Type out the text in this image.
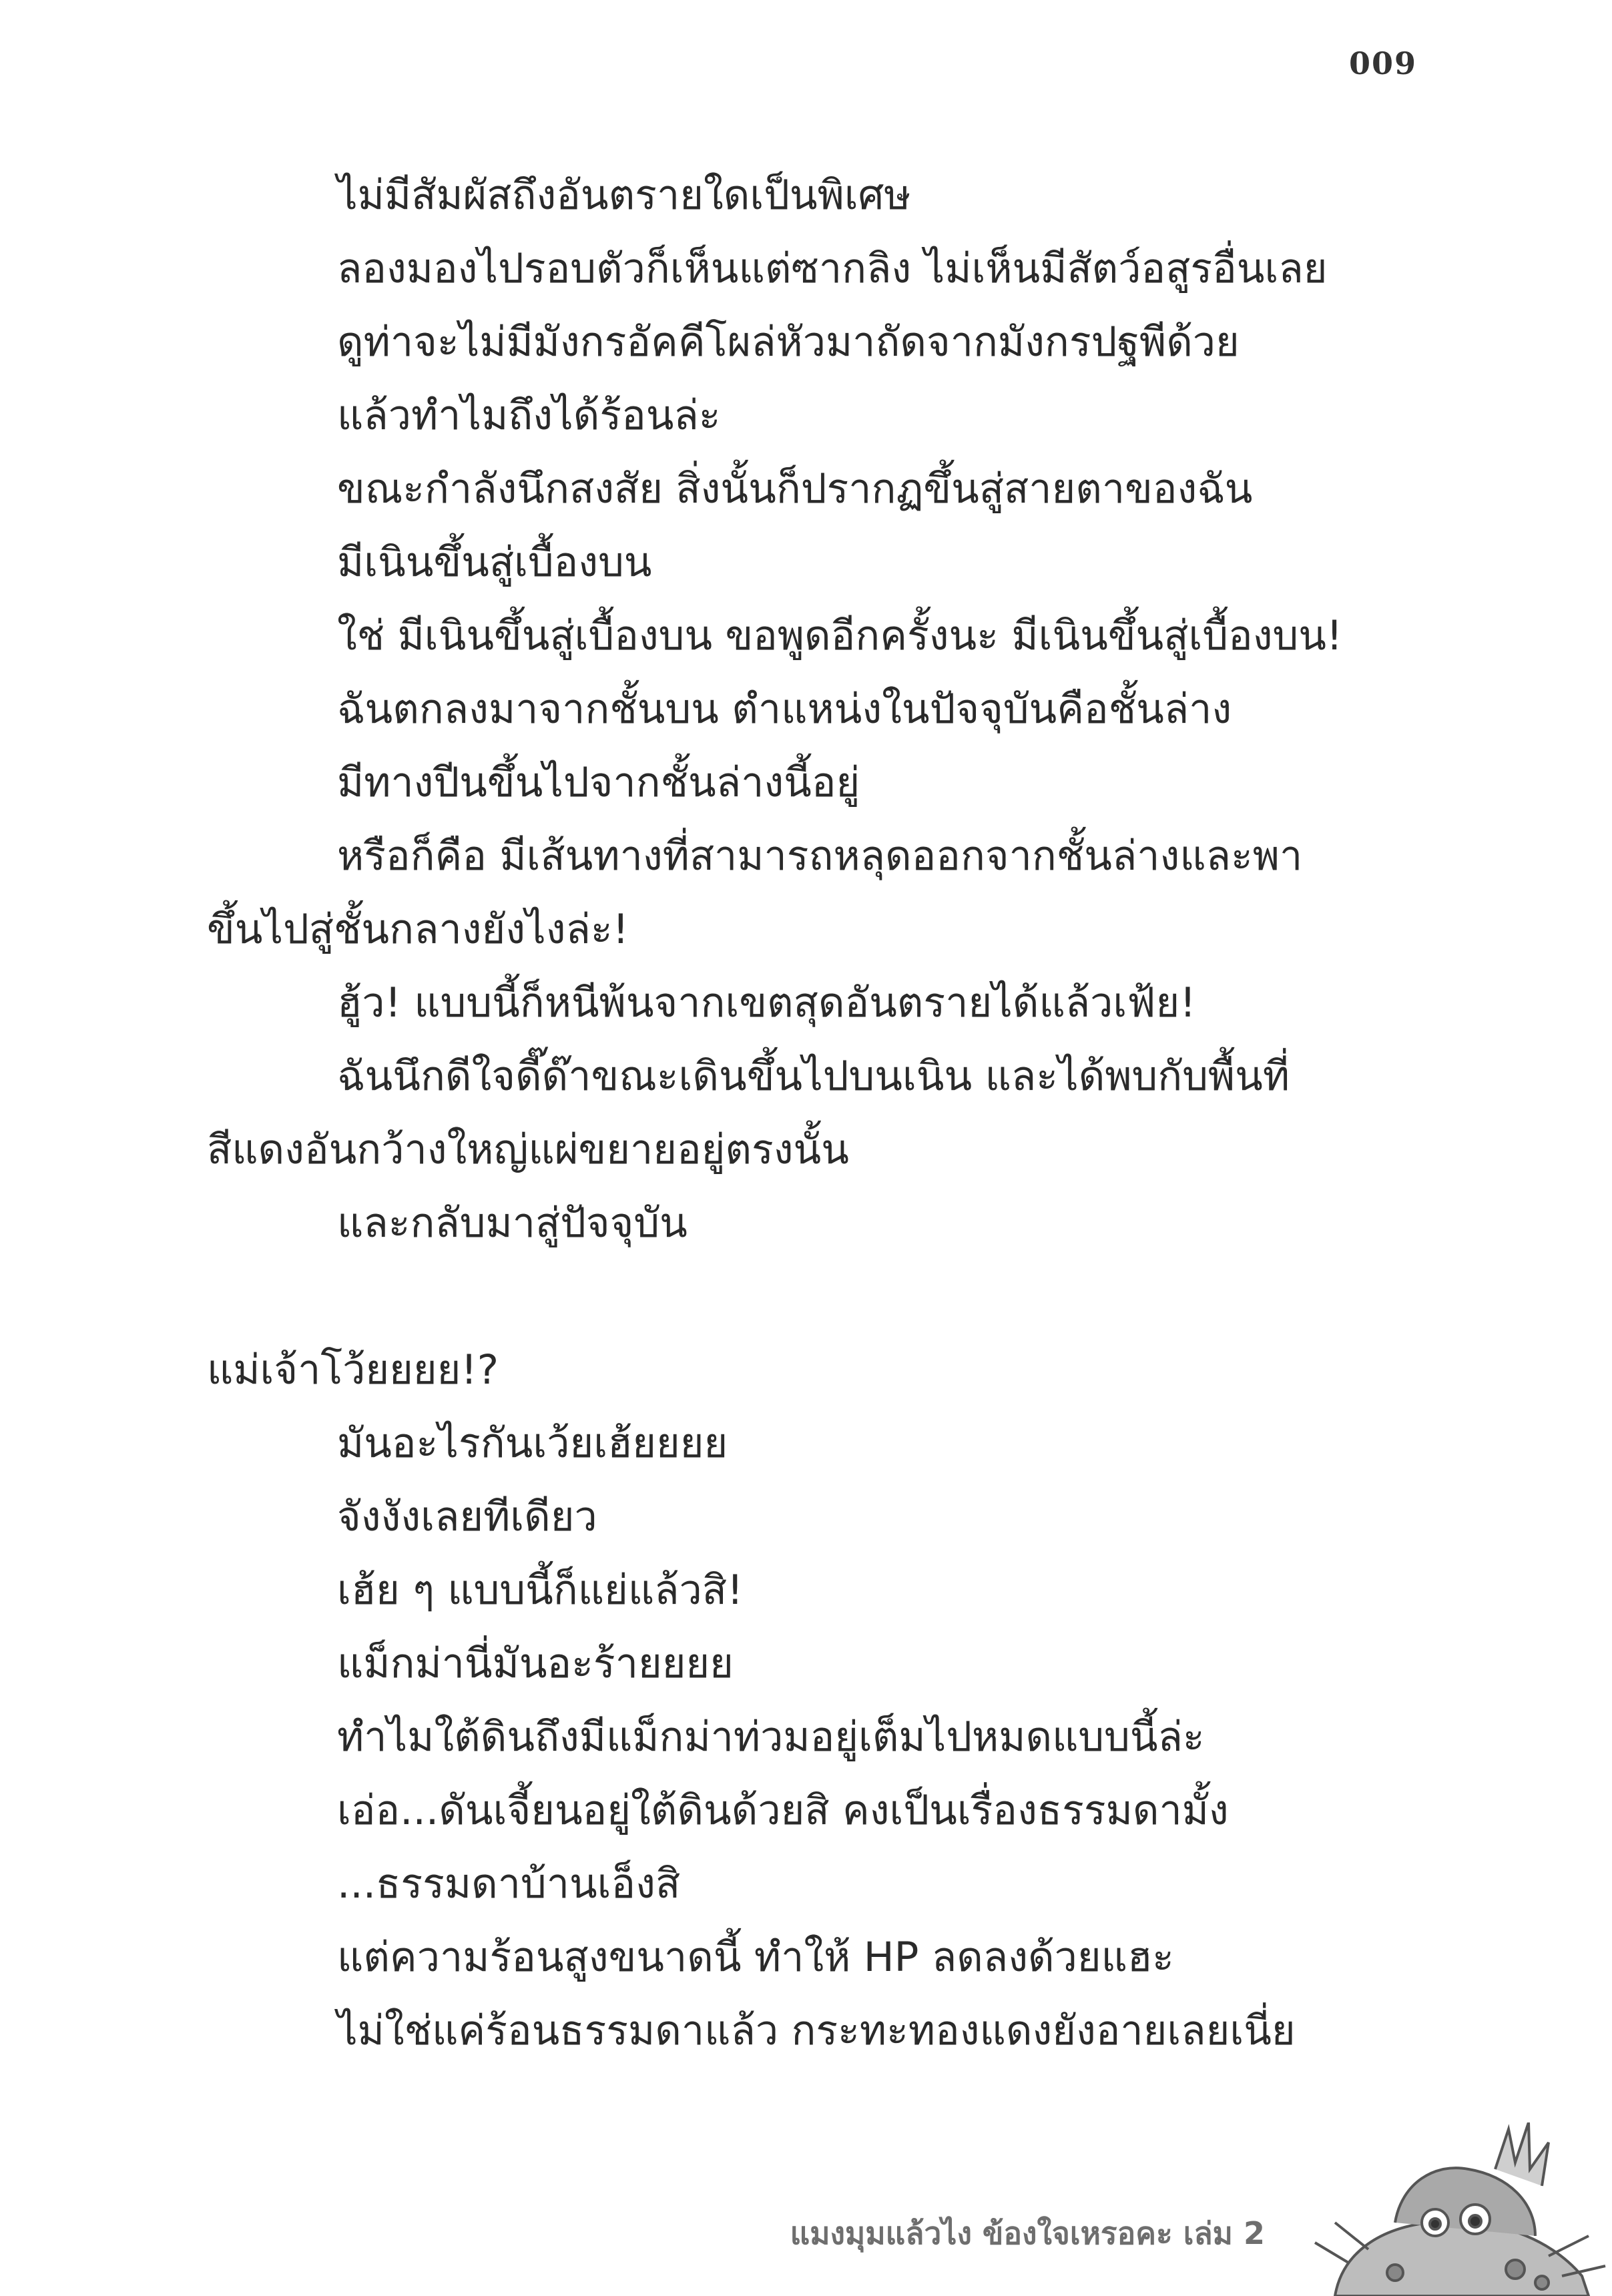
009
ไม่มีสัมผัสถึงอันตรายใดเป็นพิเศษ
ลองมองไปรอบตัวก็เห็นแต่ซากลิง ไม่เห็นมีสัตว์อสูรอื่นเลย
ดูท่าจะไม่มีมังกรอัคคีโผล่หัวมาถัดจากมังกรปฐพีด้วย
แล้วทำไมถึงได้ร้อนล่ะ
ขณะกำลังนึกสงสัย สิ่งนั้นก็ปรากฏขึ้นสู่สายตาของฉัน
มีเนินขึ้นสู่เบื้องบน
ใช่ มีเนินขึ้นสู่เบื้องบน ขอพูดอีกครั้งนะ มีเนินขึ้นสู่เบื้องบน!
ฉันตกลงมาจากชั้นบน ตำแหน่งในปัจจุบันคือชั้นล่าง
มีทางปีนขึ้นไปจากชั้นล่างนี้อยู่
หรือก็คือ มีเส้นทางที่สามารถหลุดออกจากชั้นล่างและพา
ขึ้นไปสู่ชั้นกลางยังไงล่ะ!
ฮู้ว! แบบนี้ก็หนีพ้นจากเขตสุดอันตรายได้แล้วเฟ้ย!
ฉันนึกดีใจดี๊ด๊าขณะเดินขึ้นไปบนเนิน และได้พบกับพื้นที่
สีแดงอันกว้างใหญ่แผ่ขยายอยู่ตรงนั้น
และกลับมาสู่ปัจจุบัน
แม่เจ้าโว้ยยยย!?
มันอะไรกันเว้ยเฮ้ยยยย
จังงังเลยทีเดียว
เฮ้ย ๆ แบบนี้ก็แย่แล้วสิ!
แม็กม่านี่มันอะร้ายยยย
ทำไมใต้ดินถึงมีแม็กม่าท่วมอยู่เต็มไปหมดแบบนี้ล่ะ
เอ่อ...ดันเจี้ยนอยู่ใต้ดินด้วยสิ คงเป็นเรื่องธรรมดามั้ง
...ธรรมดาบ้านเอ็งสิ
แต่ความร้อนสูงขนาดนี้ ทำให้ HP ลดลงด้วยแฮะ
ไม่ใช่แค่ร้อนธรรมดาแล้ว กระทะทองแดงยังอายเลยเนี่ย
แมงมุมแล้วไง ข้องใจเหรอคะ เล่ม 2
